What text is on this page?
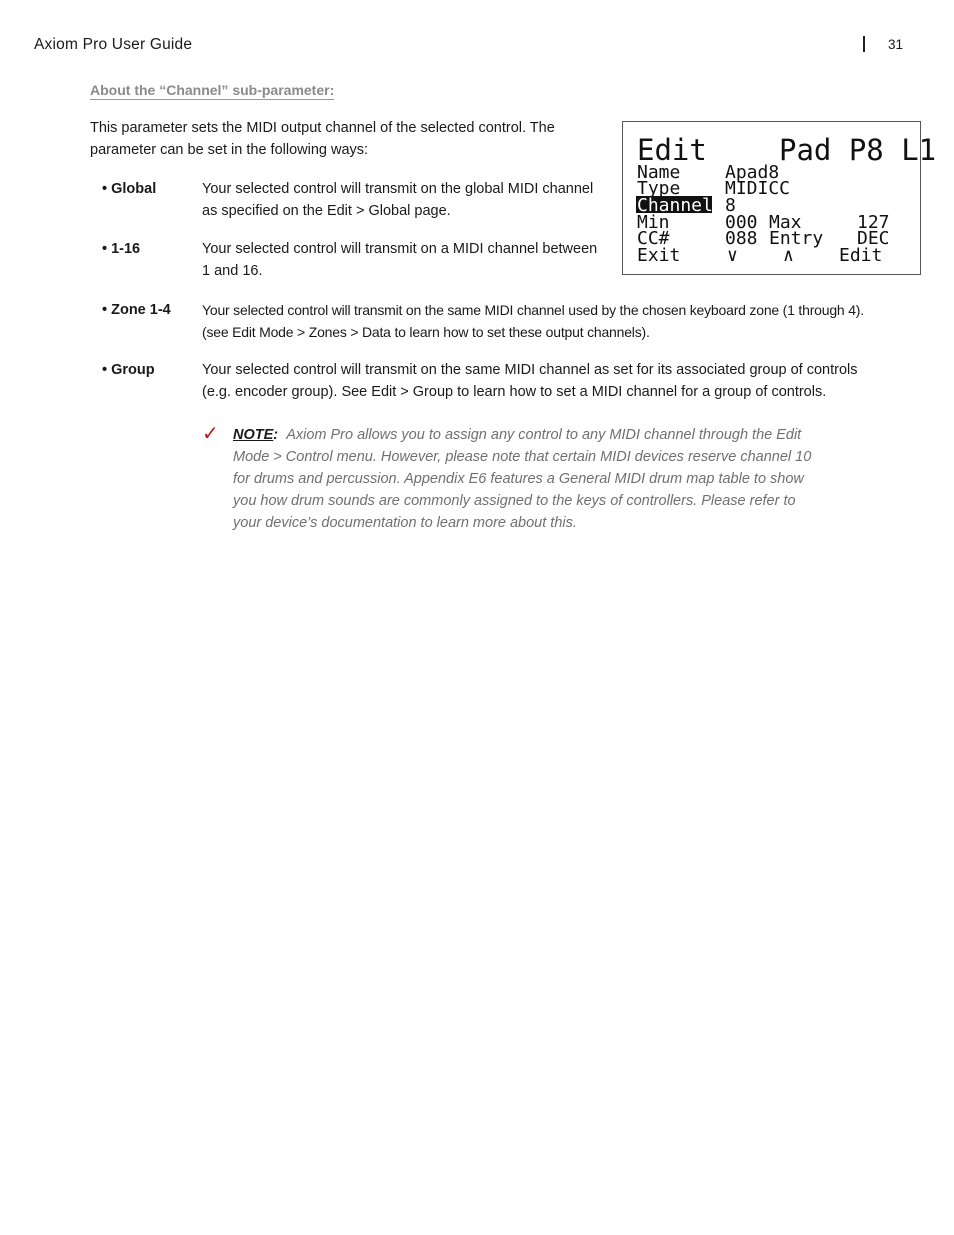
Axiom Pro User Guide	31
About the “Channel” sub-parameter:
This parameter sets the MIDI output channel of the selected control. The parameter can be set in the following ways:
• Global	Your selected control will transmit on the global MIDI channel
as specified on the Edit > Global page.
• 1-16	Your selected control will transmit on a MIDI channel between
1 and 16.
• Zone 1-4 Your selected control will transmit on the same MIDI channel used by the chosen keyboard zone (1 through 4).
(see Edit Mode > Zones > Data to learn how to set these output channels).
• Group	Your selected control will transmit on the same MIDI channel as set for its associated group of controls
(e.g. encoder group). See Edit > Group to learn how to set a MIDI channel for a group of controls.
Edit Pad P8 L1
Name Apad8
Type MIDICC
Channel 8
Min	000 Max	127
CC#	088 Entry DEC
Exit	∨	∧	Edit
✓ NOTE: Axiom Pro allows you to assign any control to any MIDI channel through the Edit Mode > Control menu. However, please note that certain MIDI devices reserve channel 10 for drums and percussion. Appendix E6 features a General MIDI drum map table to show you how drum sounds are commonly assigned to the keys of controllers. Please refer to your device’s documentation to learn more about this.
